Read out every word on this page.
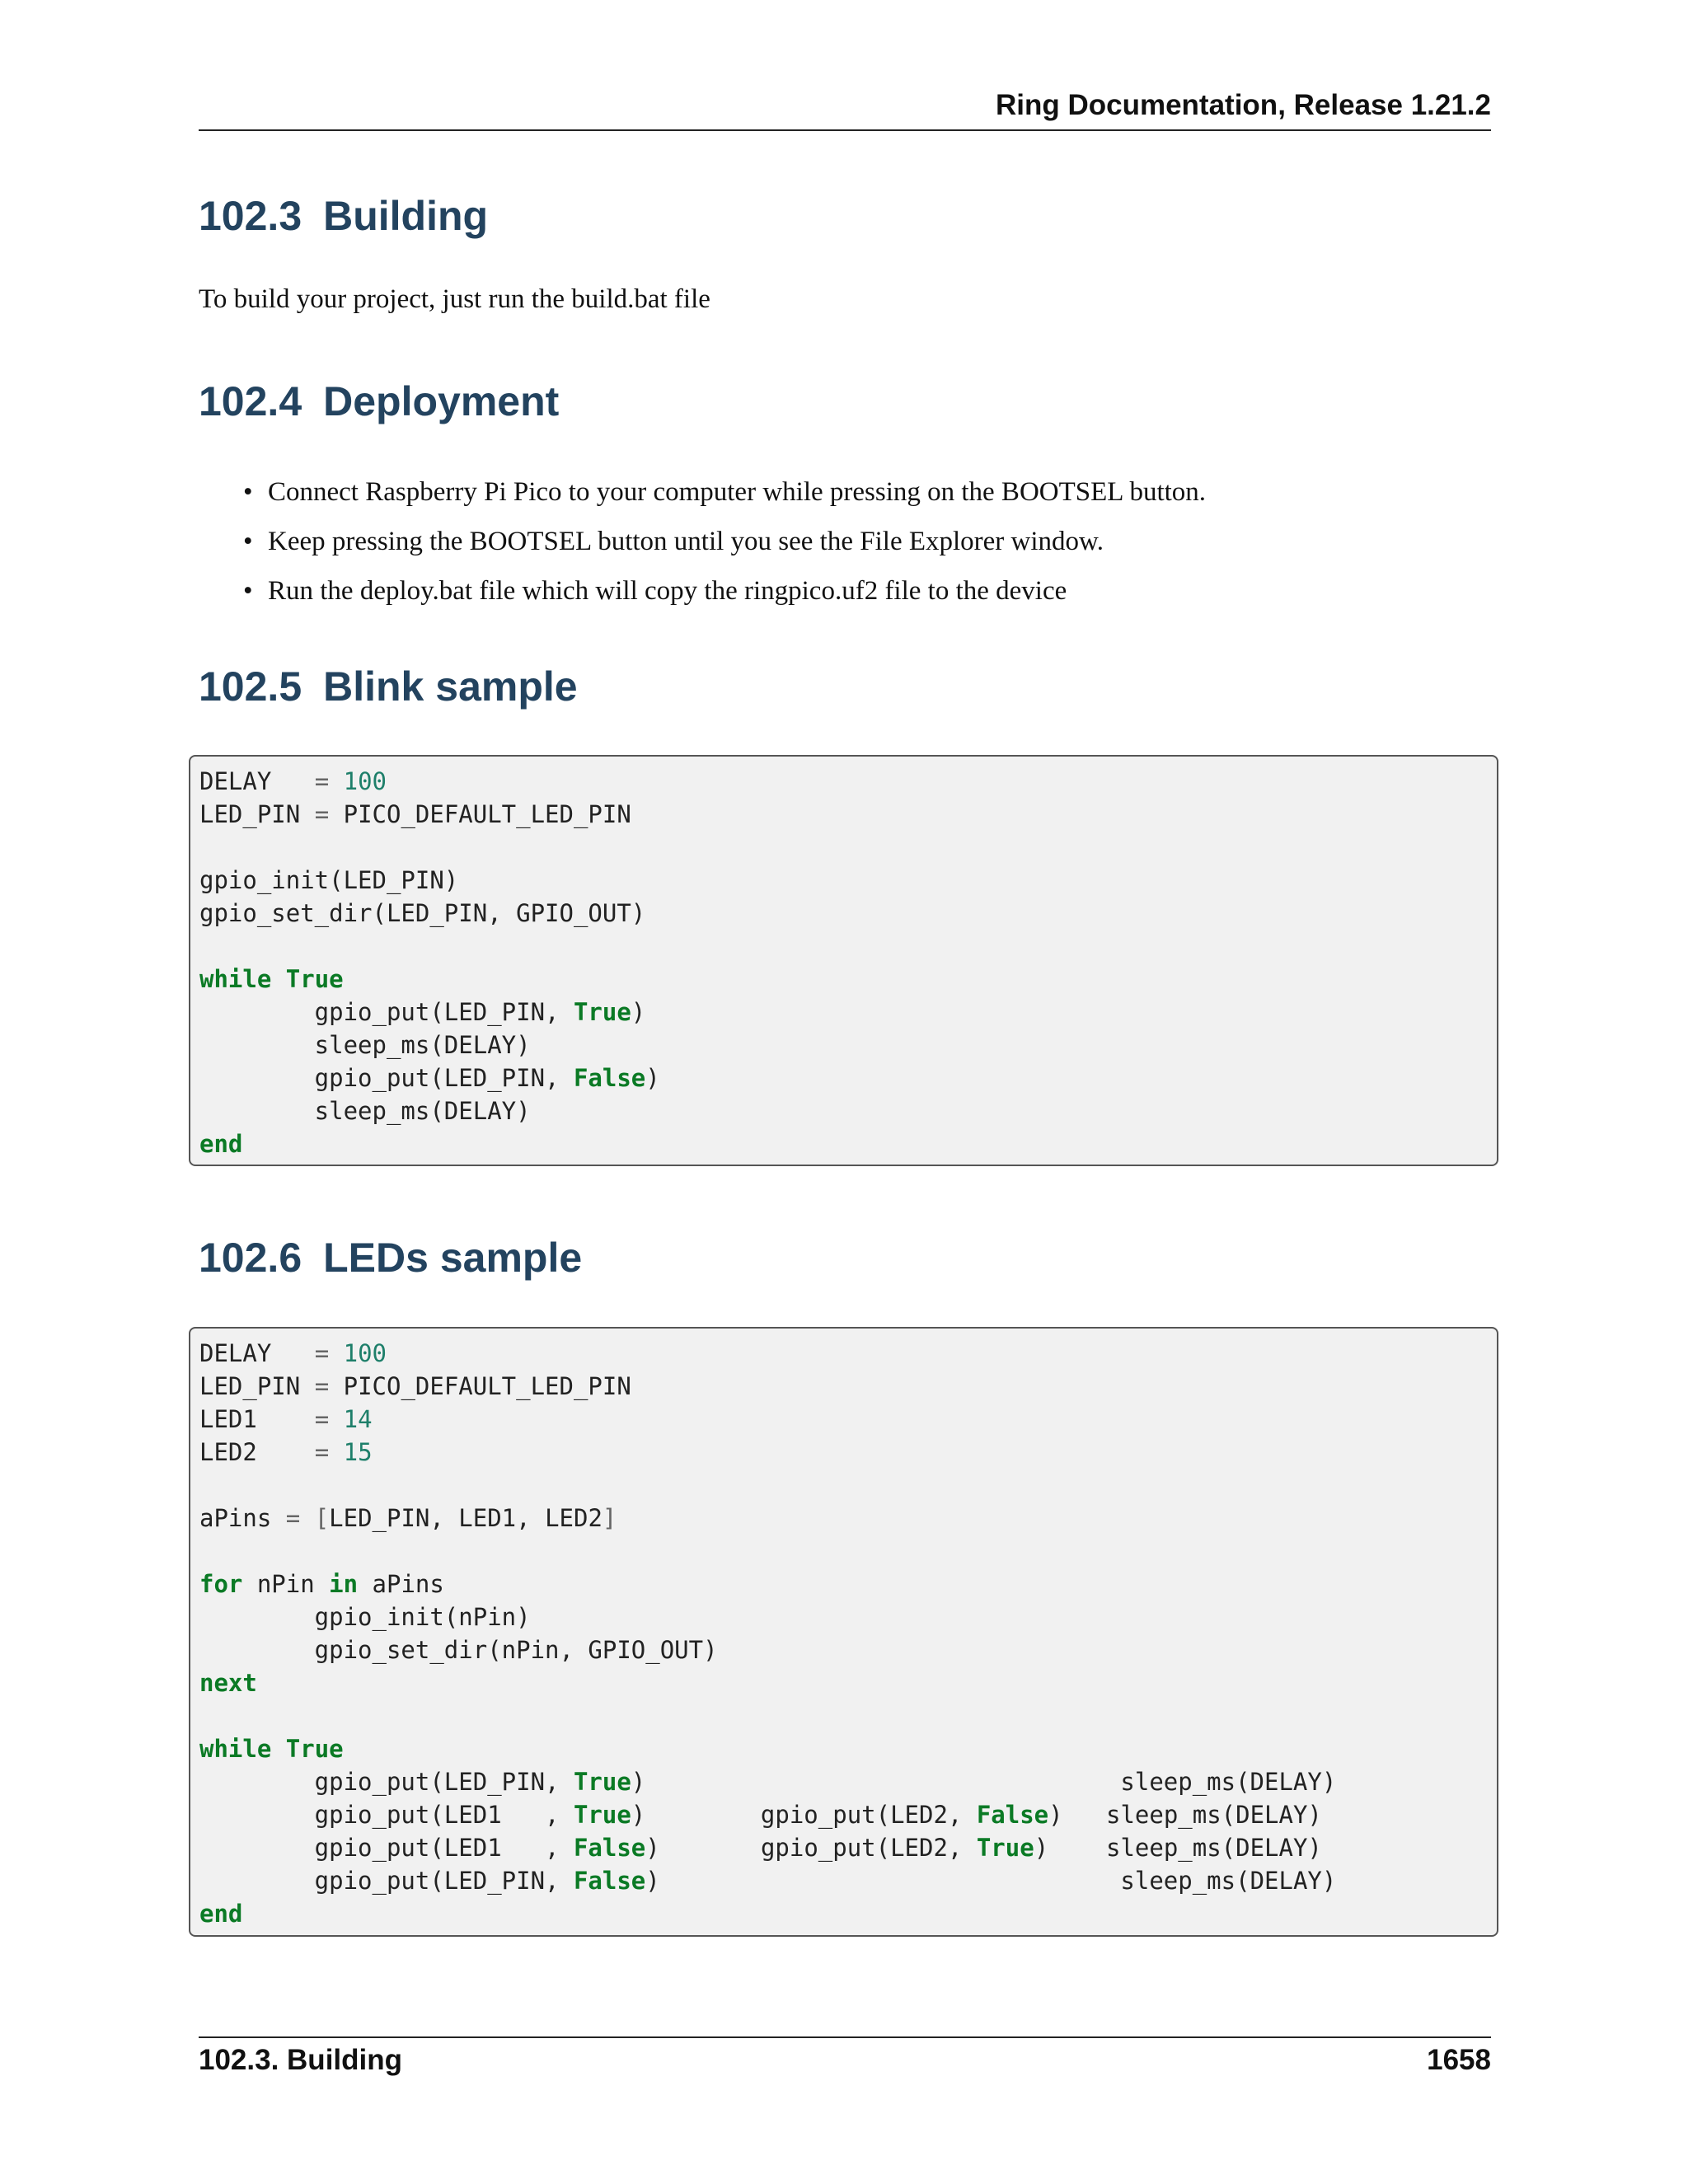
Ring Documentation, Release 1.21.2
102.3 Building

To build your project, just run the build.bat file

102.4 Deployment
• Connect Raspberry Pi Pico to your computer while pressing on the BOOTSEL button.
• Keep pressing the BOOTSEL button until you see the File Explorer window.
• Run the deploy.bat file which will copy the ringpico.uf2 file to the device
102.5 Blink sample
DELAY   = 100
LED_PIN = PICO_DEFAULT_LED_PIN
gpio_init(LED_PIN)
gpio_set_dir(LED_PIN, GPIO_OUT)
while True
gpio_put(LED_PIN, True)
sleep_ms(DELAY)
gpio_put(LED_PIN, False)
sleep_ms(DELAY)
end
102.6 LEDs sample
DELAY   = 100
LED_PIN = PICO_DEFAULT_LED_PIN
LED1    = 14
LED2    = 15
aPins = [LED_PIN, LED1, LED2]
for nPin in aPins
gpio_init(nPin)
gpio_set_dir(nPin, GPIO_OUT)
next
while True
gpio_put(LED_PIN, True)                                 sleep_ms(DELAY)
gpio_put(LED1   , True)        gpio_put(LED2, False)   sleep_ms(DELAY)
gpio_put(LED1   , False)       gpio_put(LED2, True)    sleep_ms(DELAY)
gpio_put(LED_PIN, False)                                sleep_ms(DELAY)
end
102.3. Building	1658
